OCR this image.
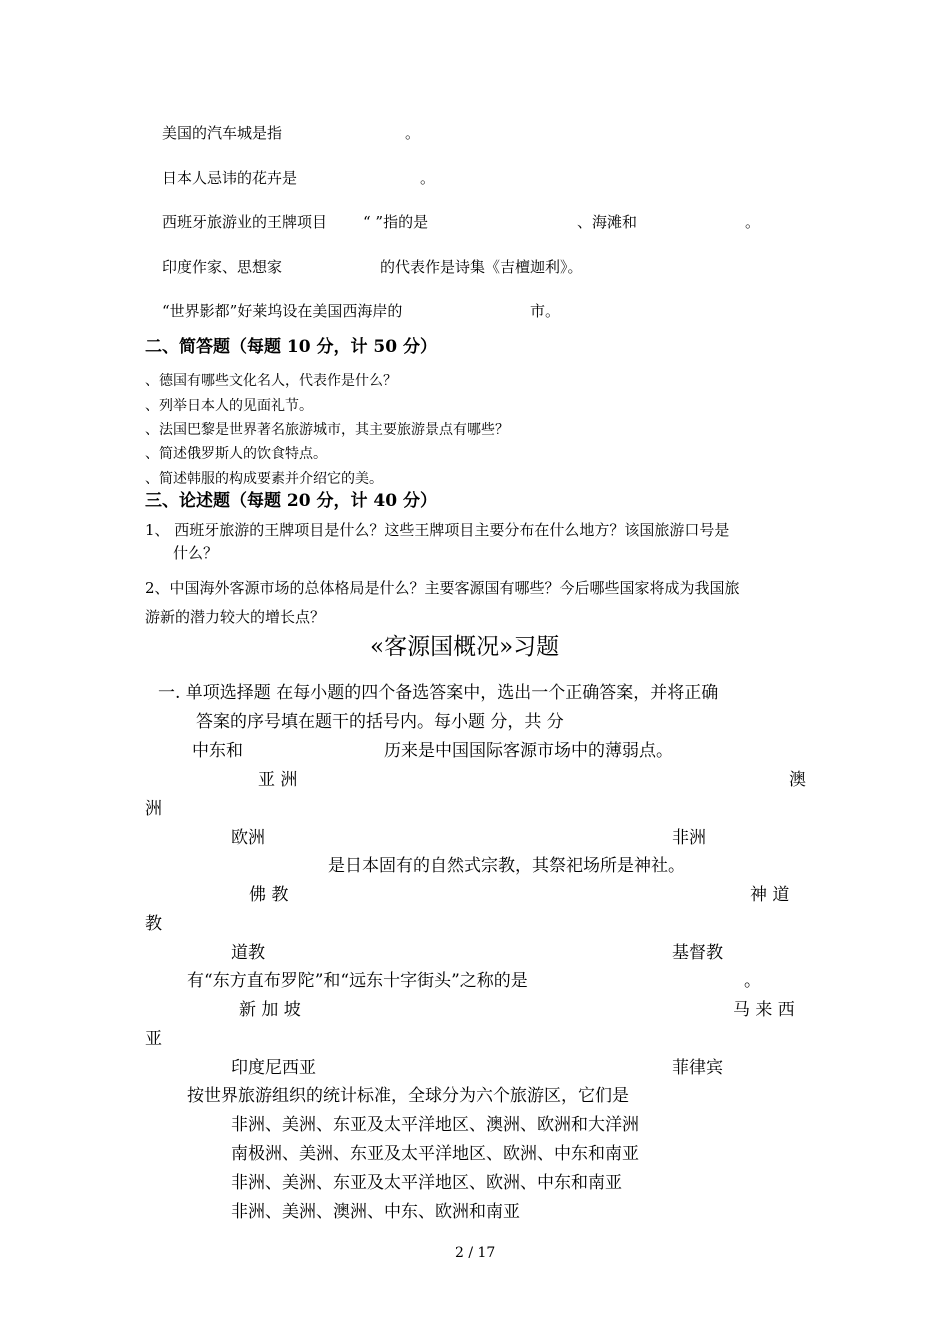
美国的汽车城是指	。
日本人忌讳的花卉是	。
西班牙旅游业的王牌项目 “ ”指的是	、海滩和	。
印度作家、思想家	的代表作是诗集《吉檀迦利》。
“世界影都”好莱坞设在美国西海岸的	市。
二、简答题（每题 10 分，计 50 分）
、德国有哪些文化名人，代表作是什么？
、列举日本人的见面礼节。
、法国巴黎是世界著名旅游城市，其主要旅游景点有哪些？
、简述俄罗斯人的饮食特点。
、简述韩服的构成要素并介绍它的美。
三、论述题（每题 20 分，计 40 分）
1、 西班牙旅游的王牌项目是什么？这些王牌项目主要分布在什么地方？该国旅游口号是
什么？
2、中国海外客源市场的总体格局是什么？主要客源国有哪些？今后哪些国家将成为我国旅
游新的潜力较大的增长点？
«客源国概况»习题
一. 单项选择题 在每小题的四个备选答案中，选出一个正确答案，并将正确
答案的序号填在题干的括号内。每小题 分，共 分
中东和	历来是中国国际客源市场中的薄弱点。
亚 洲	澳
洲
欧洲	非洲
是日本固有的自然式宗教，其祭祀场所是神社。
佛 教	神 道
教
道教	基督教
有“东方直布罗陀”和“远东十字街头”之称的是	。
新 加 坡	马 来 西
亚
印度尼西亚	菲律宾
按世界旅游组织的统计标准，全球分为六个旅游区，它们是
非洲、美洲、东亚及太平洋地区、澳洲、欧洲和大洋洲
南极洲、美洲、东亚及太平洋地区、欧洲、中东和南亚
非洲、美洲、东亚及太平洋地区、欧洲、中东和南亚
非洲、美洲、澳洲、中东、欧洲和南亚
2 / 17
